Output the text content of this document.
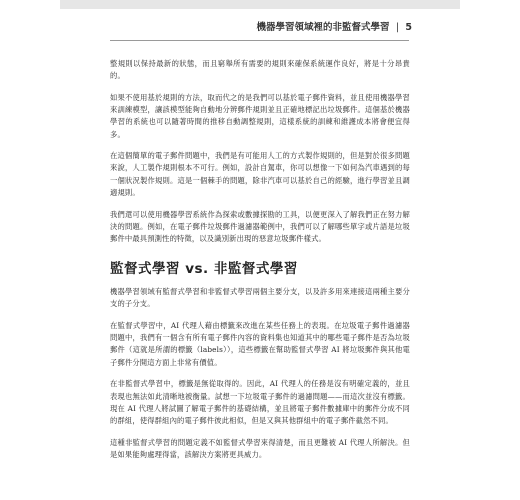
機器學習領域裡的非監督式學習 | 5

整規則以保持最新的狀態，而且窮舉所有需要的規則來確保系統運作良好，將是十分昂貴的。

如果不使用基於規則的方法，取而代之的是我們可以基於電子郵件資料，並且使用機器學習來訓練模型，讓該模型能夠自動地分辨郵件規則並且正確地標記出垃圾郵件。這個基於機器學習的系統也可以隨著時間的推移自動調整規則，這樣系統的訓練和維護成本將會便宜得多。

在這個簡單的電子郵件問題中，我們是有可能用人工的方式製作規則的，但是對於很多問題來說，人工製作規則根本不可行。例如，設計自駕車，你可以想像一下如何為汽車遇到的每一個狀況製作規則。這是一個棘手的問題，除非汽車可以基於自己的經驗，進行學習並且調適規則。

我們還可以使用機器學習系統作為探索或數據探勘的工具，以便更深入了解我們正在努力解決的問題。例如，在電子郵件垃圾郵件過濾器範例中，我們可以了解哪些單字或片語是垃圾郵件中最具預測性的特徵，以及識別新出現的惡意垃圾郵件樣式。

監督式學習 vs. 非監督式學習

機器學習領域有監督式學習和非監督式學習兩個主要分支，以及許多用來連接這兩種主要分支的子分支。

在監督式學習中，AI 代理人藉由標籤來改進在某些任務上的表現。在垃圾電子郵件過濾器問題中，我們有一個含有所有電子郵件內容的資料集也知道其中的哪些電子郵件是否為垃圾郵件（這就是所謂的標籤（labels）），這些標籤在幫助監督式學習 AI 將垃圾郵件與其他電子郵件分開這方面上非常有價值。

在非監督式學習中，標籤是無從取得的。因此，AI 代理人的任務是沒有明確定義的，並且表現也無法如此清晰地被衡量。試想一下垃圾電子郵件的過濾問題——而這次並沒有標籤。現在 AI 代理人將試圖了解電子郵件的基礎結構，並且將電子郵件數據庫中的郵件分成不同的群組，使得群組內的電子郵件彼此相似，但是又與其他群組中的電子郵件截然不同。

這種非監督式學習的問題定義不如監督式學習來得清楚，而且更難被 AI 代理人所解決。但是如果能夠處理得當，該解決方案將更具威力。
